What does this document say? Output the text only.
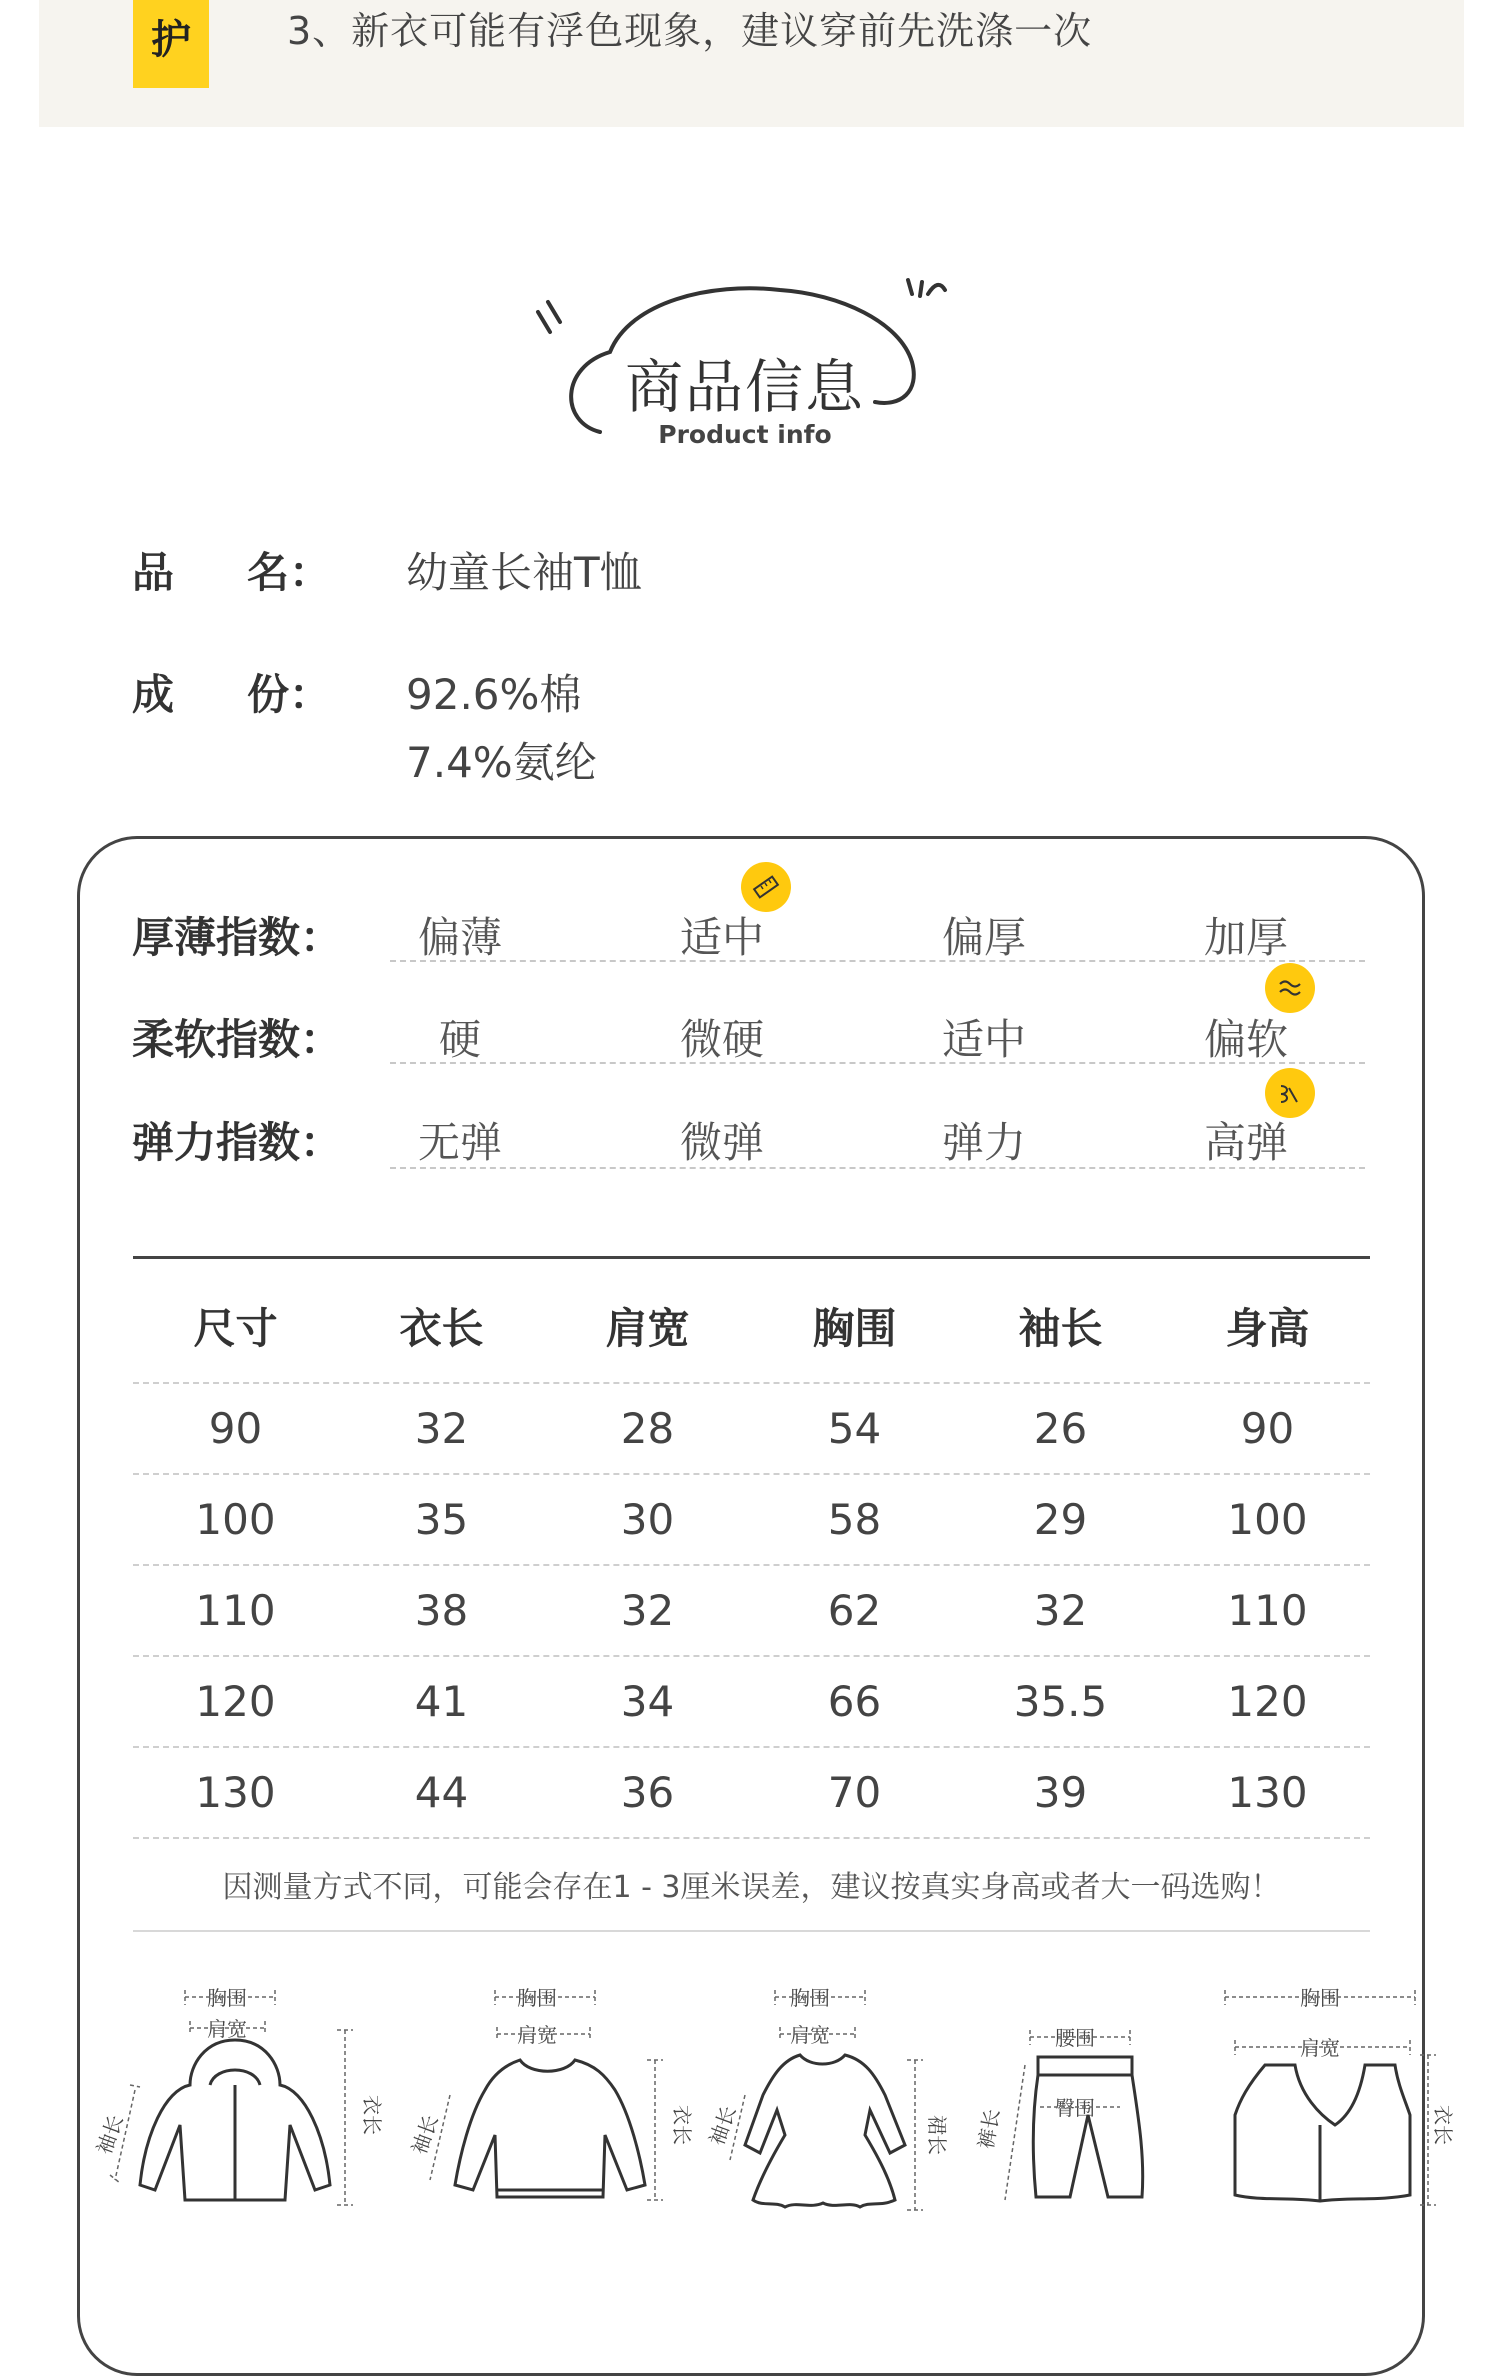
护	3、新衣可能有浮色现象，建议穿前先洗涤一次
商品信息
Product info
品 名： 幼童长袖T恤
成 份： 92.6%棉
7.4%氨纶
厚薄指数：	偏薄	适中	偏厚	加厚
柔软指数：	硬	微硬	适中	偏软
弹力指数：	无弹	微弹	弹力	高弹
尺寸	衣长	肩宽	胸围	袖长	身高
90	32	28	54	26	90
100	35	30	58	29	100
110	38	32	62	32	110
120	41	34	66	35.5	120
130	44	36	70	39	130
因测量方式不同，可能会存在1 - 3厘米误差，建议按真实身高或者大一码选购！
胸围
肩宽
袖长	衣长
胸围
肩宽
袖长	衣长
胸围
肩宽
袖长	裙长
腰围
臀围
裤长
胸围
肩宽
衣长
